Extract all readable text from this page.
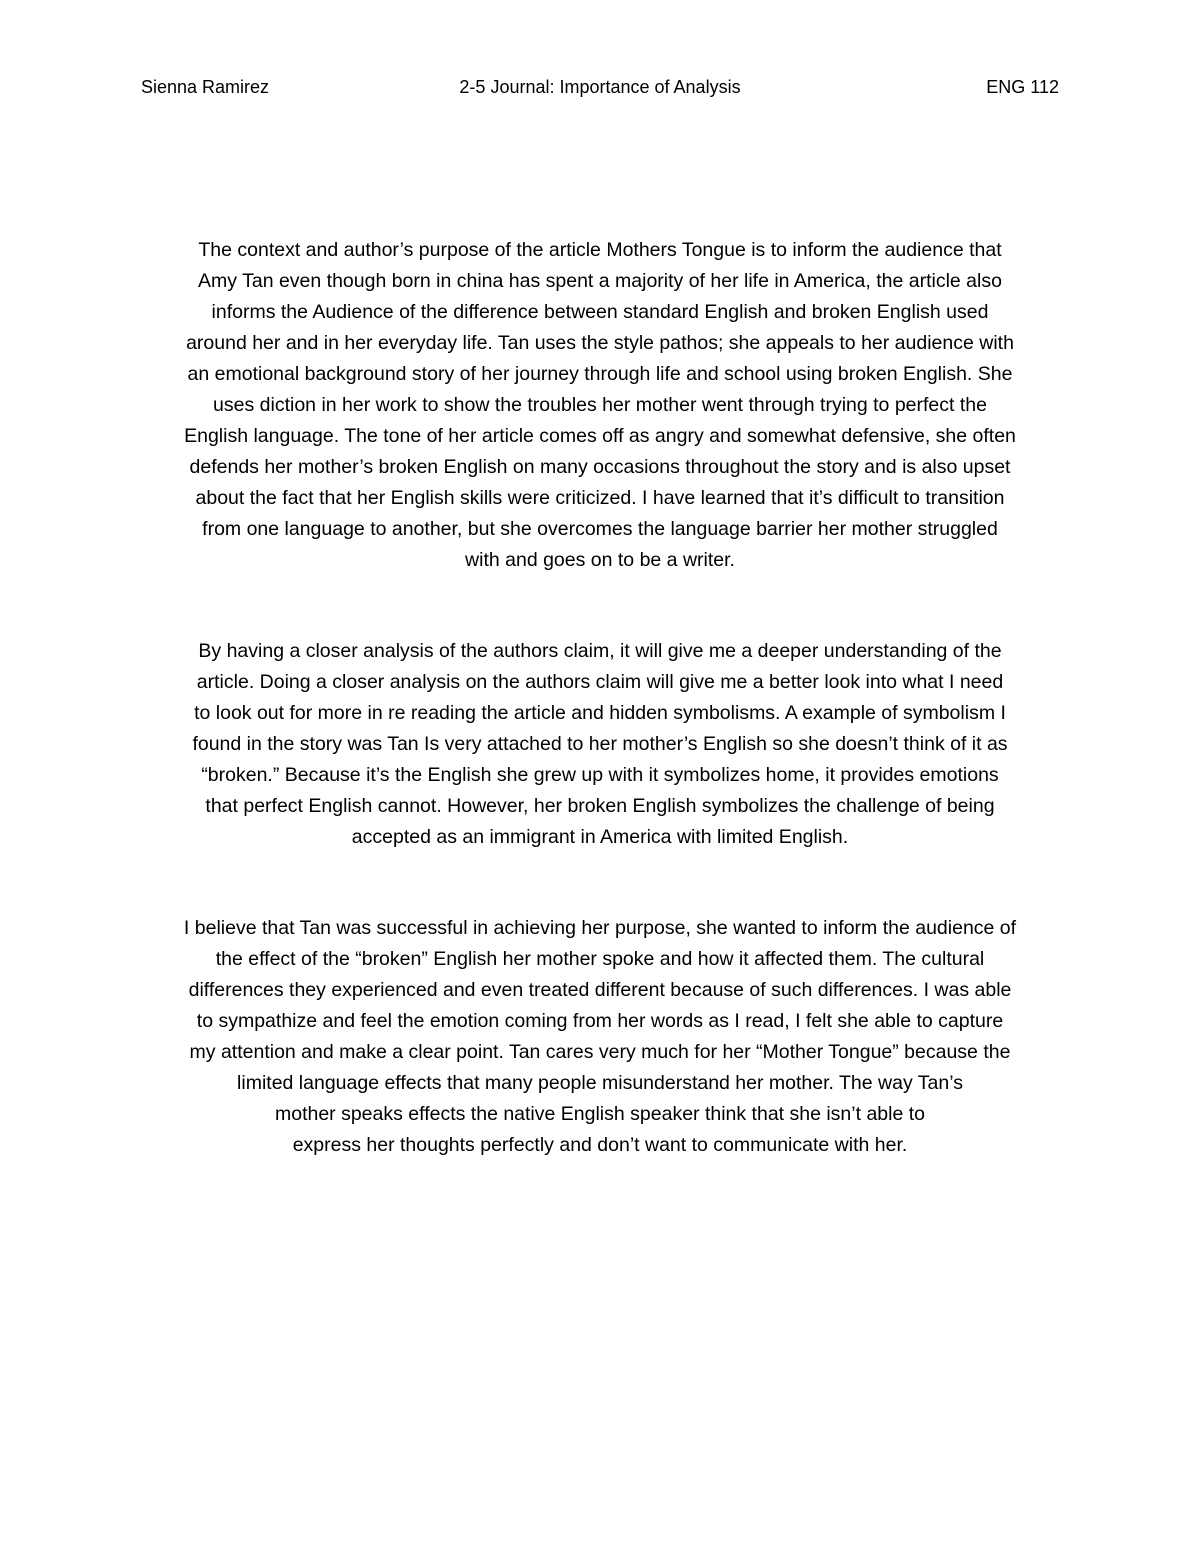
Sienna Ramirez	2-5 Journal: Importance of Analysis	ENG 112
The context and author’s purpose of the article Mothers Tongue is to inform the audience that
Amy Tan even though born in china has spent a majority of her life in America, the article also
informs the Audience of the difference between standard English and broken English used
around her and in her everyday life. Tan uses the style pathos; she appeals to her audience with
an emotional background story of her journey through life and school using broken English. She
uses diction in her work to show the troubles her mother went through trying to perfect the
English language. The tone of her article comes off as angry and somewhat defensive, she often
defends her mother’s broken English on many occasions throughout the story and is also upset
about the fact that her English skills were criticized. I have learned that it’s difficult to transition
from one language to another, but she overcomes the language barrier her mother struggled
with and goes on to be a writer.
By having a closer analysis of the authors claim, it will give me a deeper understanding of the
article. Doing a closer analysis on the authors claim will give me a better look into what I need
to look out for more in re reading the article and hidden symbolisms. A example of symbolism I
found in the story was Tan Is very attached to her mother’s English so she doesn’t think of it as
“broken.” Because it’s the English she grew up with it symbolizes home, it provides emotions
that perfect English cannot. However, her broken English symbolizes the challenge of being
accepted as an immigrant in America with limited English.
I believe that Tan was successful in achieving her purpose, she wanted to inform the audience of
the effect of the “broken” English her mother spoke and how it affected them. The cultural
differences they experienced and even treated different because of such differences. I was able
to sympathize and feel the emotion coming from her words as I read, I felt she able to capture
my attention and make a clear point. Tan cares very much for her “Mother Tongue” because the
limited language effects that many people misunderstand her mother. The way Tan’s
mother speaks effects the native English speaker think that she isn’t able to
express her thoughts perfectly and don’t want to communicate with her.
